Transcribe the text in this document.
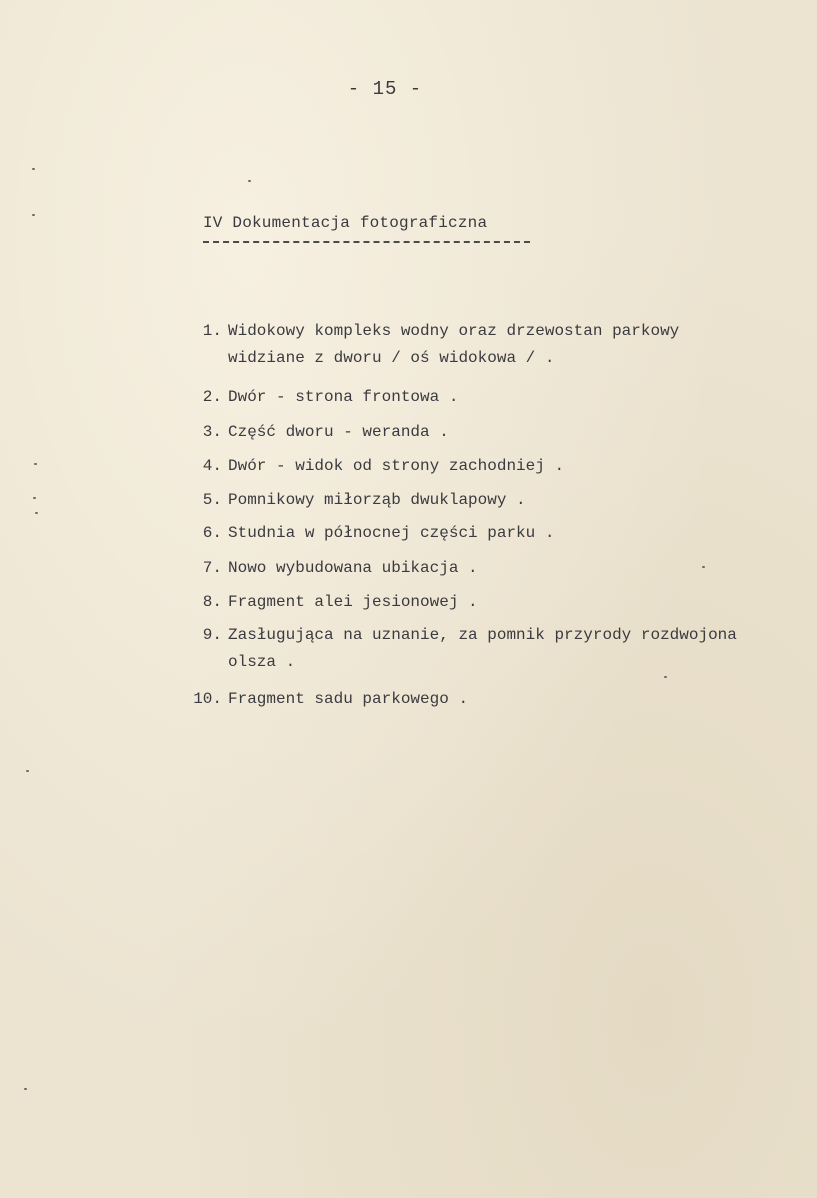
- 15 -
IV Dokumentacja fotograficzna
1. Widokowy kompleks wodny oraz drzewostan parkowy
widziane z dworu / oś widokowa / .
2. Dwór - strona frontowa .
3. Część dworu - weranda .
4. Dwór - widok od strony zachodniej .
5. Pomnikowy miłorząb dwuklapowy .
6. Studnia w północnej części parku .
7. Nowo wybudowana ubikacja .
8. Fragment alei jesionowej .
9. Zasługująca na uznanie, za pomnik przyrody rozdwojona
olsza .
10. Fragment sadu parkowego .
